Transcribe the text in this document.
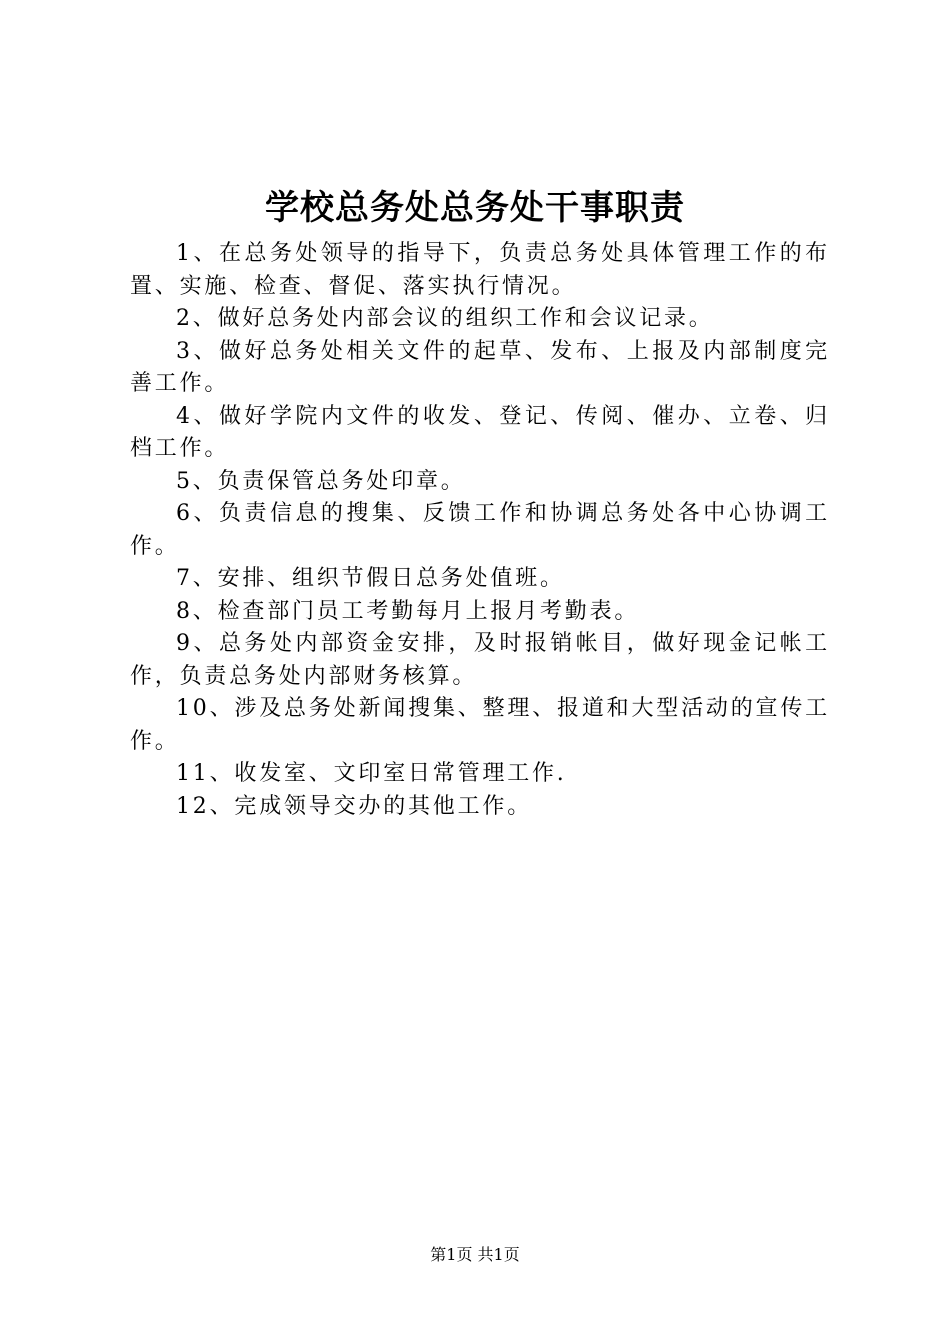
学校总务处总务处干事职责

1、在总务处领导的指导下，负责总务处具体管理工作的布置、实施、检查、督促、落实执行情况。

2、做好总务处内部会议的组织工作和会议记录。

3、做好总务处相关文件的起草、发布、上报及内部制度完善工作。

4、做好学院内文件的收发、登记、传阅、催办、立卷、归档工作。

5、负责保管总务处印章。

6、负责信息的搜集、反馈工作和协调总务处各中心协调工作。

7、安排、组织节假日总务处值班。

8、检查部门员工考勤每月上报月考勤表。

9、总务处内部资金安排，及时报销帐目，做好现金记帐工作，负责总务处内部财务核算。

10、涉及总务处新闻搜集、整理、报道和大型活动的宣传工作。

11、收发室、文印室日常管理工作.

12、完成领导交办的其他工作。

第1页 共1页
